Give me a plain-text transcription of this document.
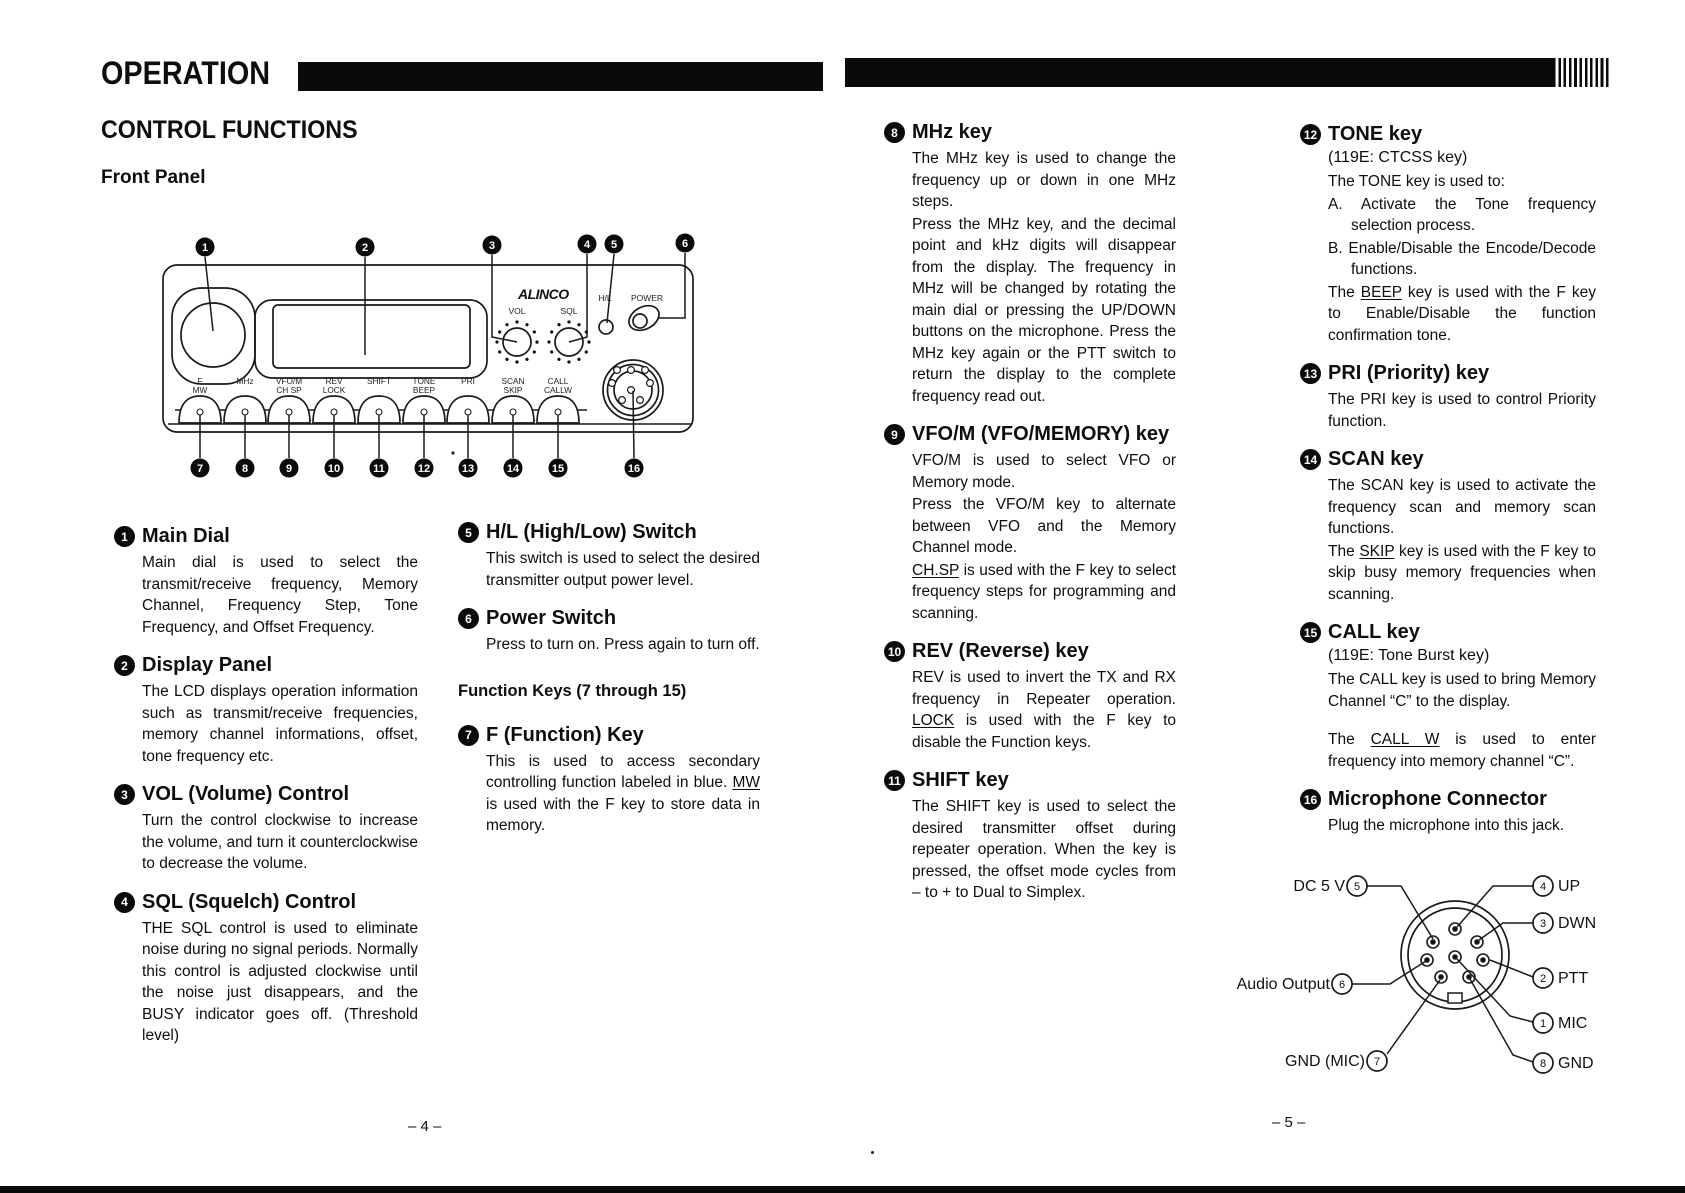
OPERATION
CONTROL FUNCTIONS
Front Panel
ALINCO
VOL	SQL
H/L POWER
F
MW
MHz	VFO/M
CH SP
REV
LOCK
SHIFT	TONE
BEEP
PRI	SCAN
SKIP
CALL
CALLW
1	2	3	4 5	6
7	8	9	10	11	12	13	14	15	16
1 Main Dial

Main dial is used to select the transmit/receive frequency, Memory Channel, Frequency Step, Tone Frequency, and Offset Frequency.

2 Display Panel

The LCD displays operation information such as transmit/receive frequencies, memory channel informations, offset, tone frequency etc.

3 VOL (Volume) Control

Turn the control clockwise to increase the volume, and turn it counterclockwise to decrease the volume.

4 SQL (Squelch) Control

THE SQL control is used to eliminate noise during no signal periods. Normally this control is adjusted clockwise until the noise just disappears, and the BUSY indicator goes off. (Threshold level)

5 H/L (High/Low) Switch

This switch is used to select the desired transmitter output power level.

6 Power Switch

Press to turn on. Press again to turn off.

Function Keys (7 through 15)
7 F (Function) Key

This is used to access secondary controlling function labeled in blue. MW is used with the F key to store data in memory.

8 MHz key

The MHz key is used to change the frequency up or down in one MHz steps.

Press the MHz key, and the decimal point and kHz digits will disappear from the display. The frequency in MHz will be changed by rotating the main dial or pressing the UP/DOWN buttons on the microphone. Press the MHz key again or the PTT switch to return the display to the complete frequency read out.

9 VFO/M (VFO/MEMORY) key

VFO/M is used to select VFO or Memory mode.

Press the VFO/M key to alternate between VFO and the Memory Channel mode.

CH.SP is used with the F key to select frequency steps for programming and scanning.

10 REV (Reverse) key

REV is used to invert the TX and RX frequency in Repeater operation. LOCK is used with the F key to disable the Function keys.

11 SHIFT key

The SHIFT key is used to select the desired transmitter offset during repeater operation. When the key is pressed, the offset mode cycles from – to + to Dual to Simplex.

12 TONE key
(119E: CTCSS key)

The TONE key is used to:

A. Activate the Tone frequency selection process.

B. Enable/Disable the Encode/Decode functions.

The BEEP key is used with the F key to Enable/Disable the function confirmation tone.

13 PRI (Priority) key

The PRI key is used to control Priority function.

14 SCAN key

The SCAN key is used to activate the frequency scan and memory scan functions.

The SKIP key is used with the F key to skip busy memory frequencies when scanning.

15 CALL key
(119E: Tone Burst key)

The CALL key is used to bring Memory Channel “C” to the display.

The CALL W is used to enter frequency into memory channel “C”.

16 Microphone Connector

Plug the microphone into this jack.

DC 5 V 5
Audio Output 6
GND (MIC) 7
4 UP
3 DWN
2 PTT
1 MIC
8 GND
– 4 –	– 5 –
